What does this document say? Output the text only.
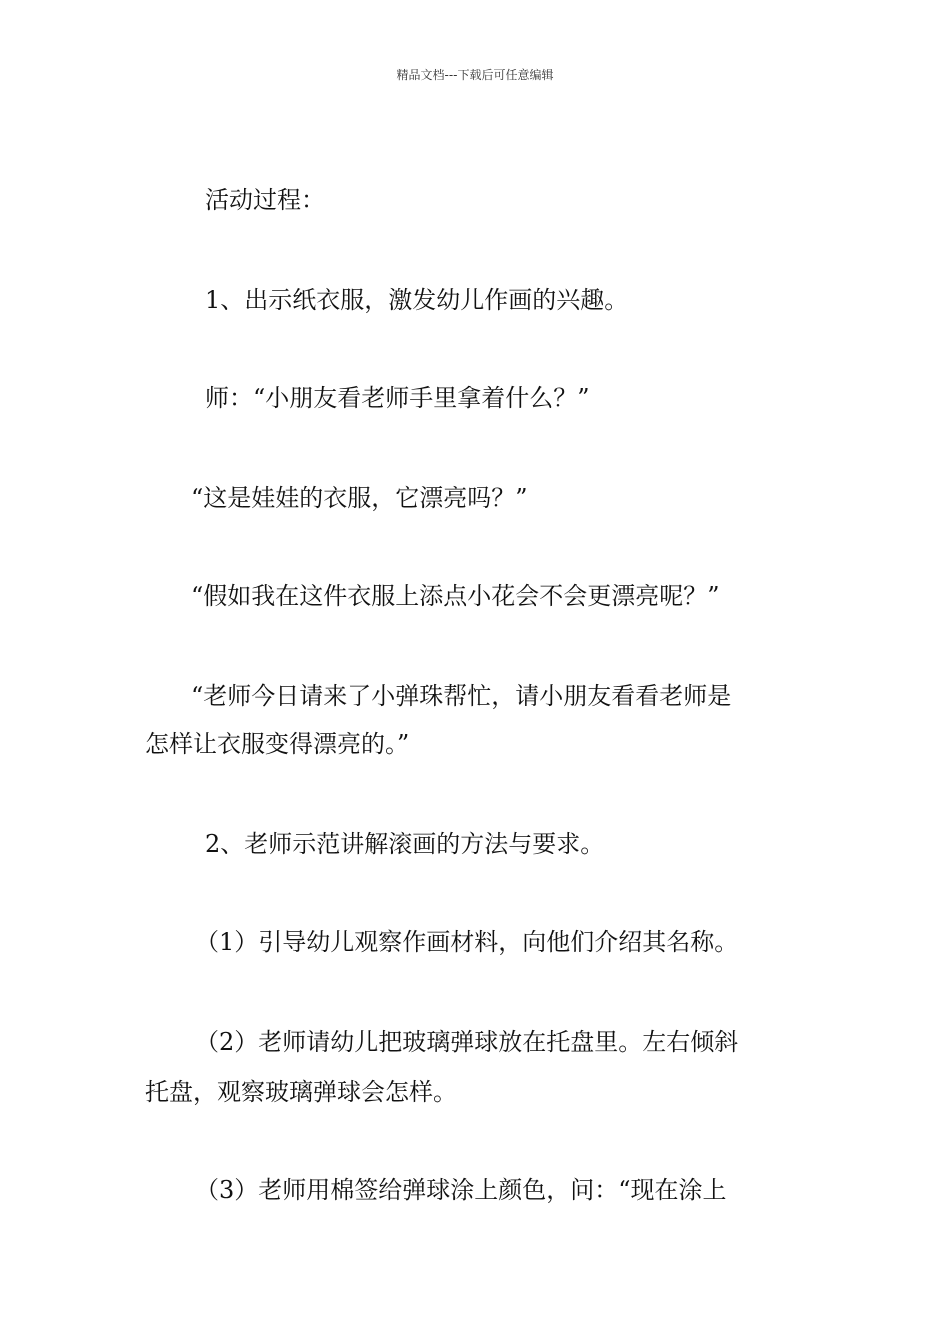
精品文档---下载后可任意编辑
活动过程：
1、出示纸衣服，激发幼儿作画的兴趣。
师：“小朋友看老师手里拿着什么？”
“这是娃娃的衣服，它漂亮吗？”
“假如我在这件衣服上添点小花会不会更漂亮呢？”
“老师今日请来了小弹珠帮忙，请小朋友看看老师是
怎样让衣服变得漂亮的。”
2、老师示范讲解滚画的方法与要求。
（1）引导幼儿观察作画材料，向他们介绍其名称。
（2）老师请幼儿把玻璃弹球放在托盘里。左右倾斜
托盘，观察玻璃弹球会怎样。
（3）老师用棉签给弹球涂上颜色，问：“现在涂上
